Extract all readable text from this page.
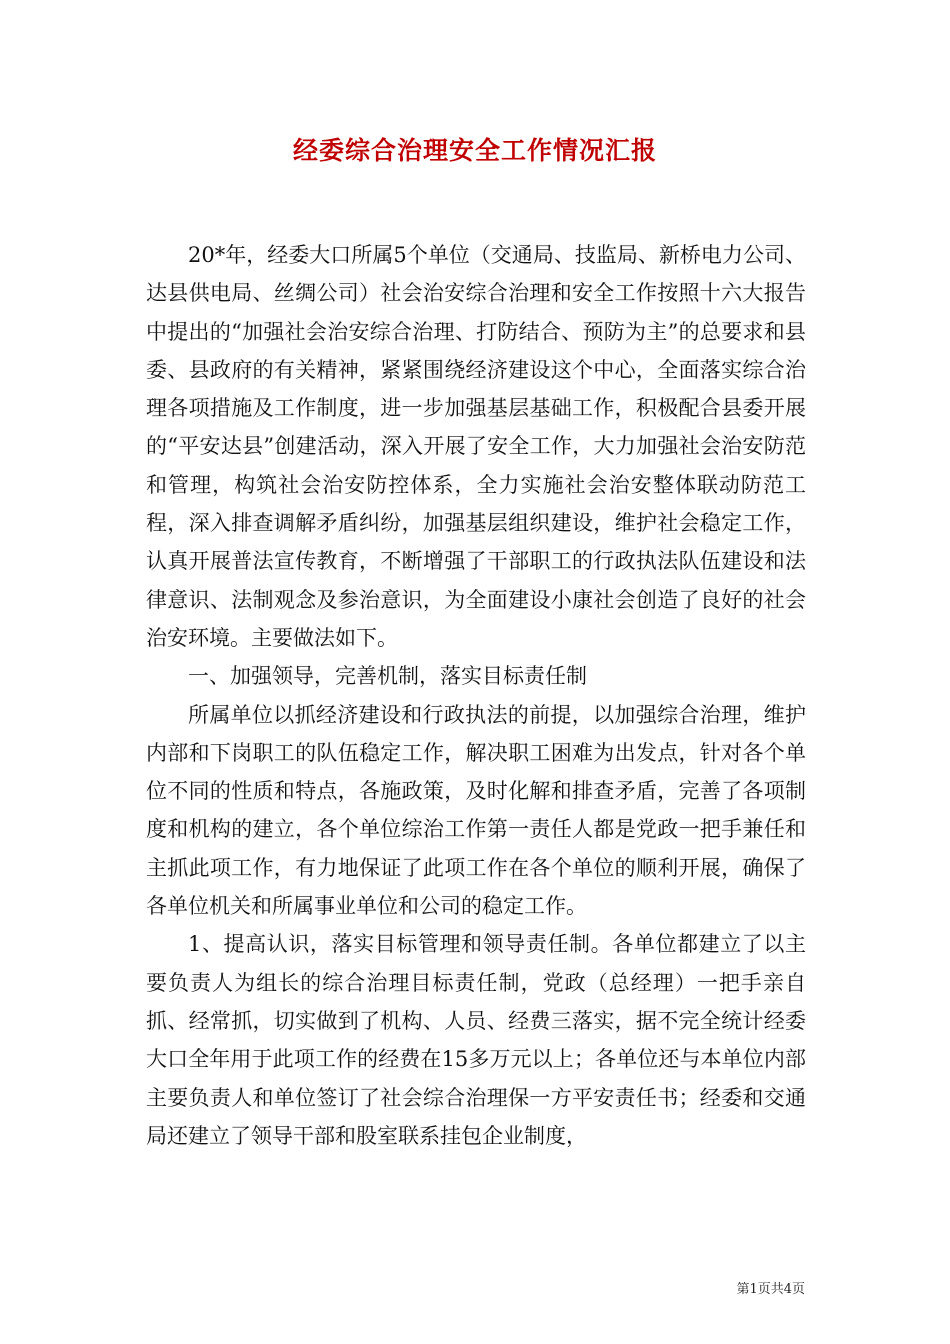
经委综合治理安全工作情况汇报

20*年，经委大口所属5个单位（交通局、技监局、新桥电力公司、达县供电局、丝绸公司）社会治安综合治理和安全工作按照十六大报告中提出的“加强社会治安综合治理、打防结合、预防为主”的总要求和县委、县政府的有关精神，紧紧围绕经济建设这个中心，全面落实综合治理各项措施及工作制度，进一步加强基层基础工作，积极配合县委开展的“平安达县”创建活动，深入开展了安全工作，大力加强社会治安防范和管理，构筑社会治安防控体系，全力实施社会治安整体联动防范工程，深入排查调解矛盾纠纷，加强基层组织建设，维护社会稳定工作，认真开展普法宣传教育，不断增强了干部职工的行政执法队伍建设和法律意识、法制观念及参治意识，为全面建设小康社会创造了良好的社会治安环境。主要做法如下。

一、加强领导，完善机制，落实目标责任制

所属单位以抓经济建设和行政执法的前提，以加强综合治理，维护内部和下岗职工的队伍稳定工作，解决职工困难为出发点，针对各个单位不同的性质和特点，各施政策，及时化解和排查矛盾，完善了各项制度和机构的建立，各个单位综治工作第一责任人都是党政一把手兼任和主抓此项工作，有力地保证了此项工作在各个单位的顺利开展，确保了各单位机关和所属事业单位和公司的稳定工作。

1、提高认识，落实目标管理和领导责任制。各单位都建立了以主要负责人为组长的综合治理目标责任制，党政（总经理）一把手亲自抓、经常抓，切实做到了机构、人员、经费三落实，据不完全统计经委大口全年用于此项工作的经费在15多万元以上；各单位还与本单位内部主要负责人和单位签订了社会综合治理保一方平安责任书；经委和交通局还建立了领导干部和股室联系挂包企业制度，

第1页共4页
